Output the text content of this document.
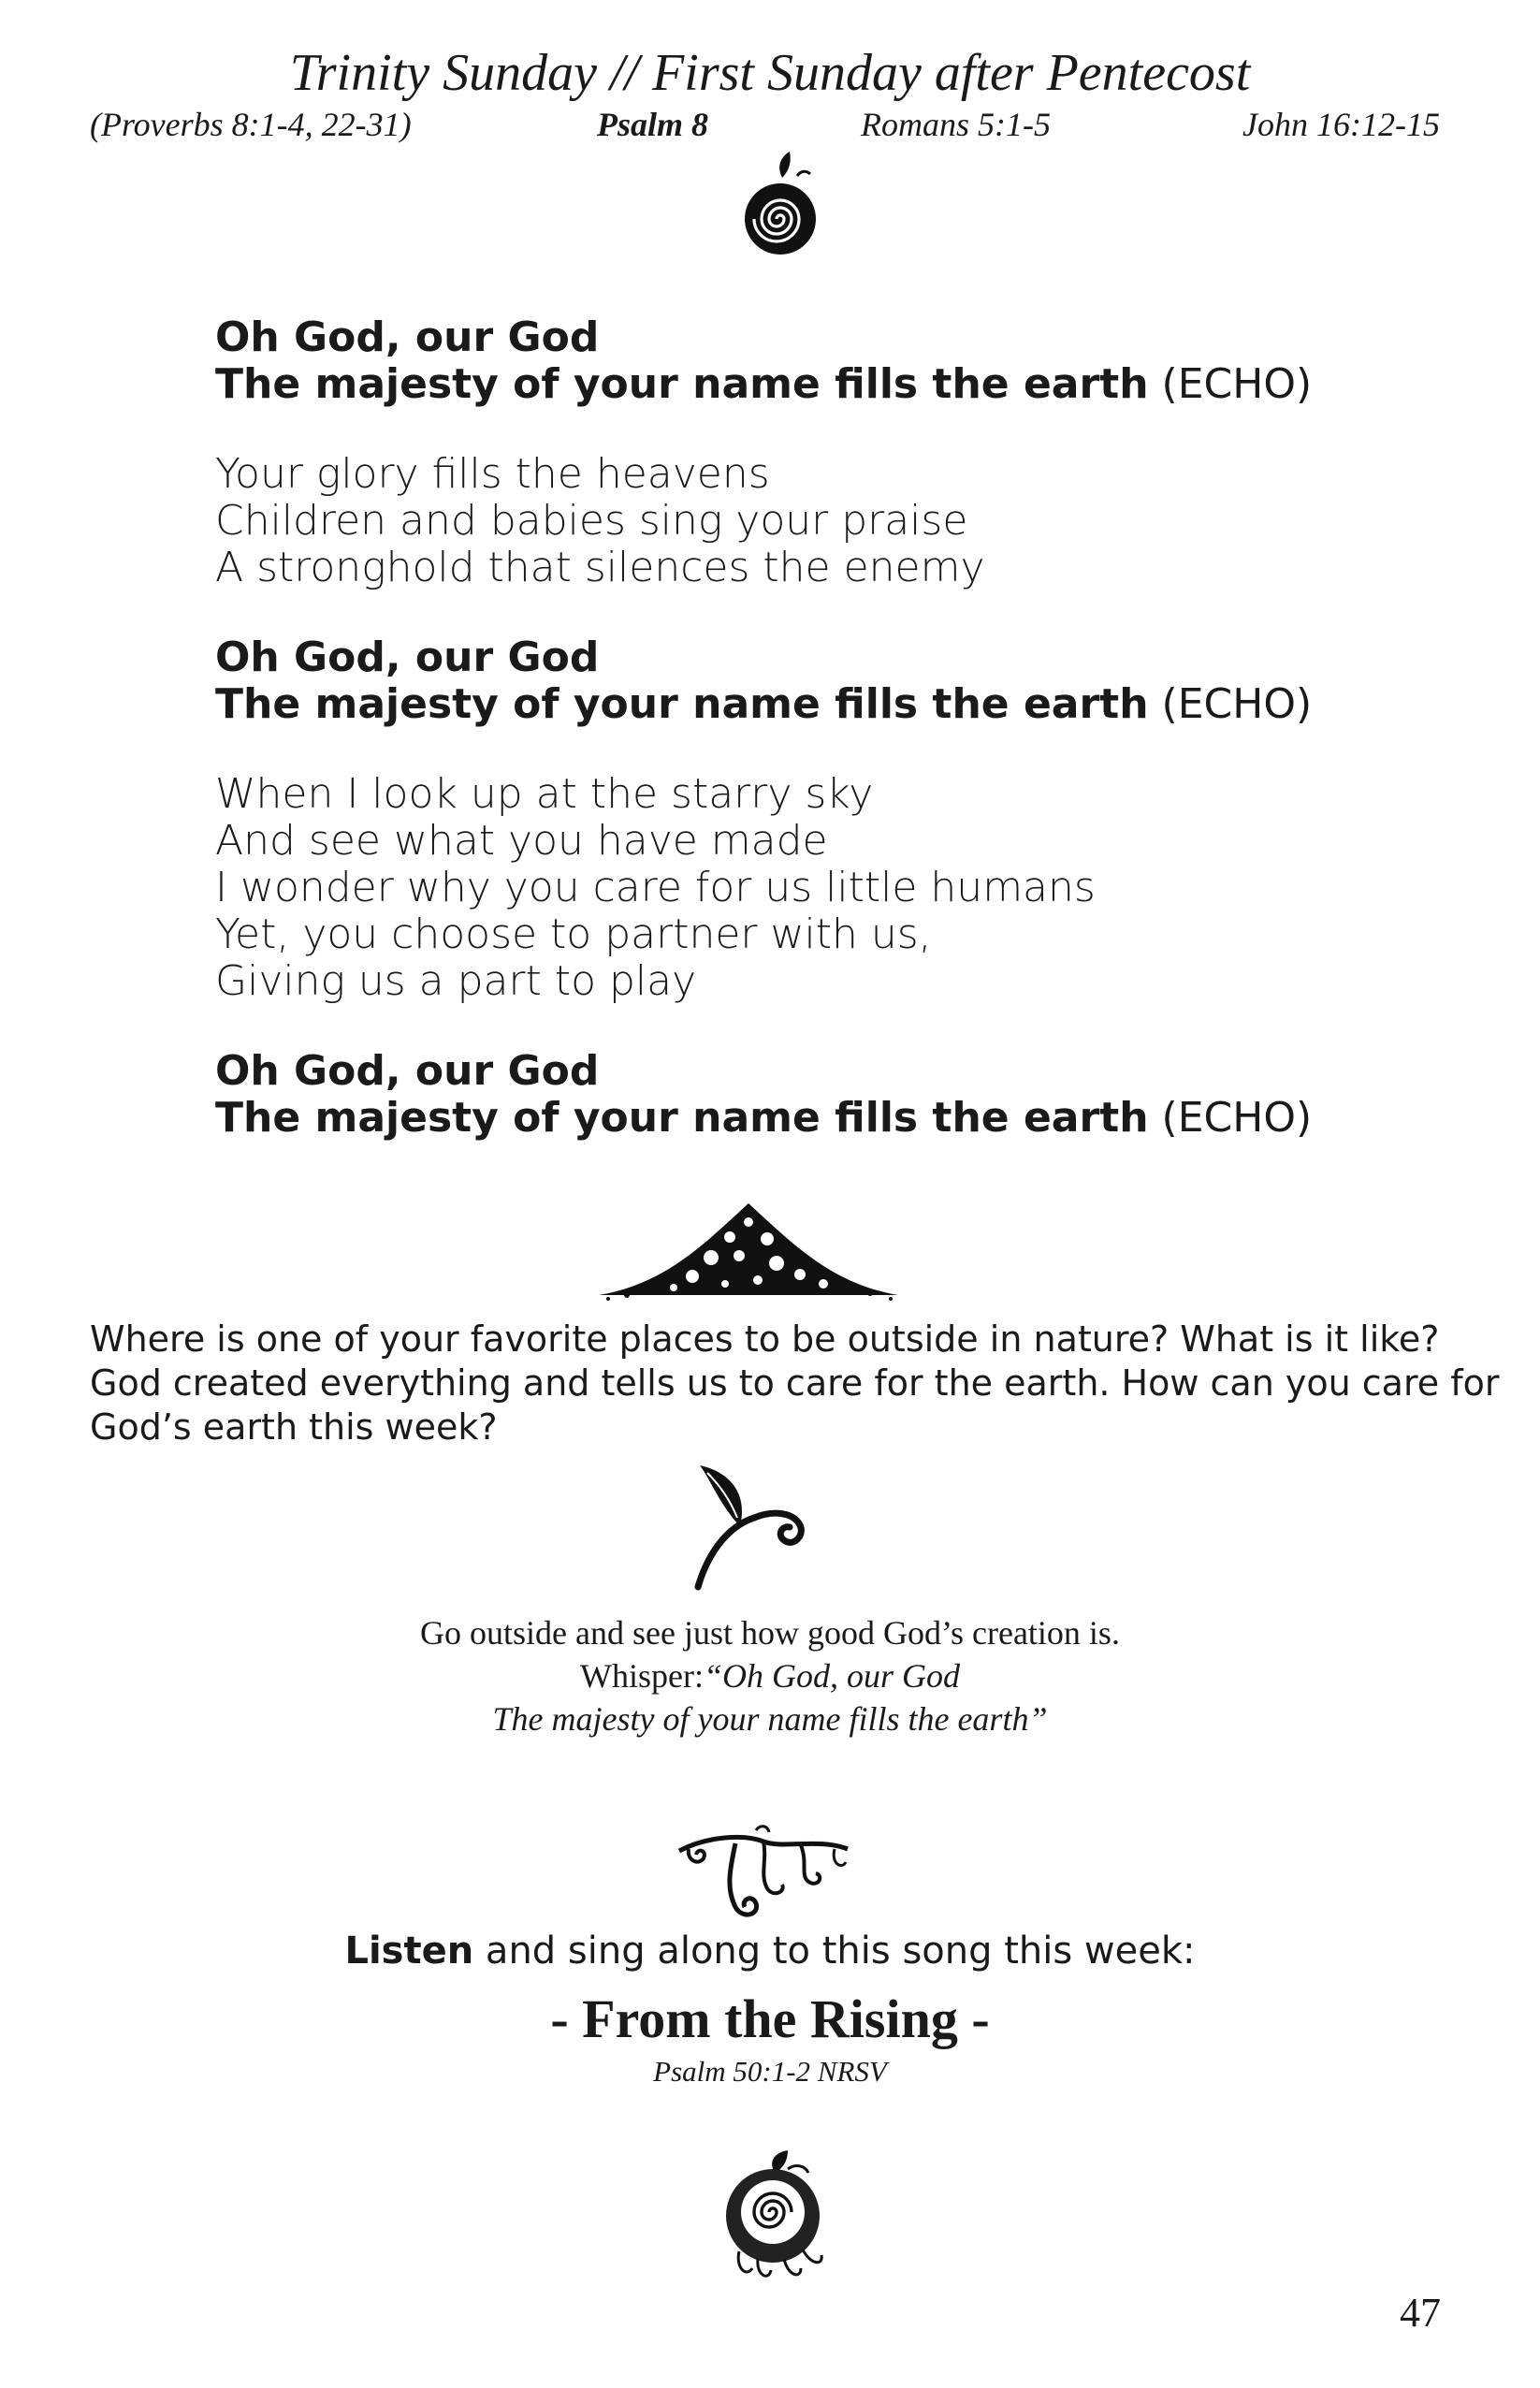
Trinity Sunday // First Sunday after Pentecost
(Proverbs 8:1-4, 22-31)	Psalm 8	Romans 5:1-5	John 16:12-15
Oh God, our God
The majesty of your name fills the earth (ECHO)
Your glory fills the heavens
Children and babies sing your praise
A stronghold that silences the enemy
Oh God, our God
The majesty of your name fills the earth (ECHO)
When I look up at the starry sky
And see what you have made
I wonder why you care for us little humans
Yet, you choose to partner with us,
Giving us a part to play
Oh God, our God
The majesty of your name fills the earth (ECHO)
Where is one of your favorite places to be outside in nature? What is it like?
God created everything and tells us to care for the earth. How can you care for
God’s earth this week?
Go outside and see just how good God’s creation is.
Whisper:“Oh God, our God
The majesty of your name fills the earth”
Listen and sing along to this song this week:
- From the Rising -
Psalm 50:1-2 NRSV
47
